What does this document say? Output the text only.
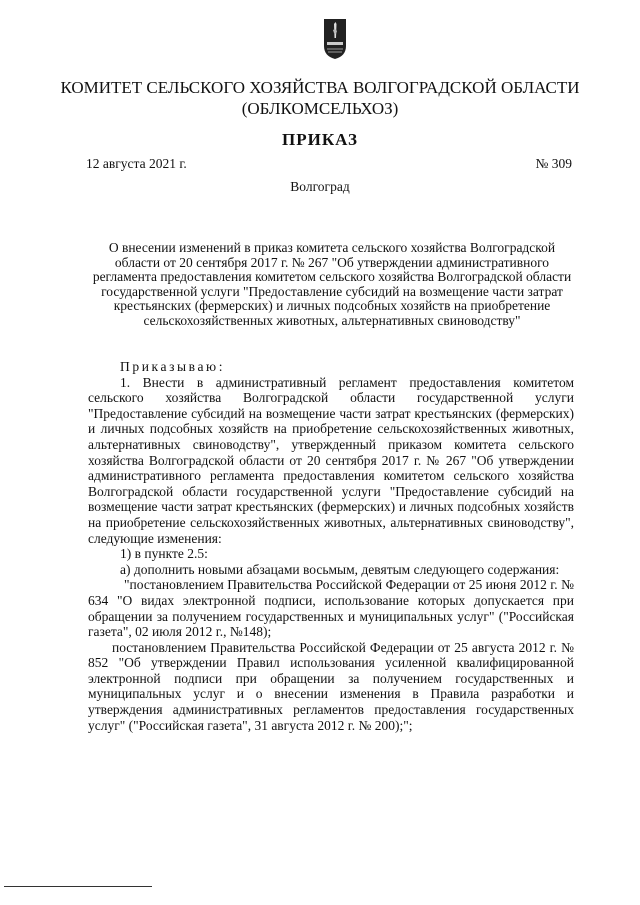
КОМИТЕТ СЕЛЬСКОГО ХОЗЯЙСТВА ВОЛГОГРАДСКОЙ ОБЛАСТИ
(ОБЛКОМСЕЛЬХОЗ)
ПРИКАЗ
12 августа 2021 г.	№ 309
Волгоград
О внесении изменений в приказ комитета сельского хозяйства Волгоградской области от 20 сентября 2017 г. № 267 "Об утверждении административного регламента предоставления комитетом сельского хозяйства Волгоградской области государственной услуги "Предоставление субсидий на возмещение части затрат крестьянских (фермерских) и личных подсобных хозяйств на приобретение сельскохозяйственных животных, альтернативных свиноводству"

Приказываю:

1. Внести в административный регламент предоставления комитетом сельского хозяйства Волгоградской области государственной услуги "Предоставление субсидий на возмещение части затрат крестьянских (фермерских) и личных подсобных хозяйств на приобретение сельскохозяйственных животных, альтернативных свиноводству", утвержденный приказом комитета сельского хозяйства Волгоградской области от 20 сентября 2017 г. № 267 "Об утверждении административного регламента предоставления комитетом сельского хозяйства Волгоградской области государственной услуги "Предоставление субсидий на возмещение части затрат крестьянских (фермерских) и личных подсобных хозяйств на приобретение сельскохозяйственных животных, альтернативных свиноводству", следующие изменения:

1) в пункте 2.5:

а) дополнить новыми абзацами восьмым, девятым следующего содержания:

"постановлением Правительства Российской Федерации от 25 июня 2012 г. № 634 "О видах электронной подписи, использование которых допускается при обращении за получением государственных и муниципальных услуг" ("Российская газета", 02 июля 2012 г., №148);

постановлением Правительства Российской Федерации от 25 августа 2012 г. № 852 "Об утверждении Правил использования усиленной квалифицированной электронной подписи при обращении за получением государственных и муниципальных услуг и о внесении изменения в Правила разработки и утверждения административных регламентов предоставления государственных услуг" ("Российская газета", 31 августа 2012 г. № 200);";
